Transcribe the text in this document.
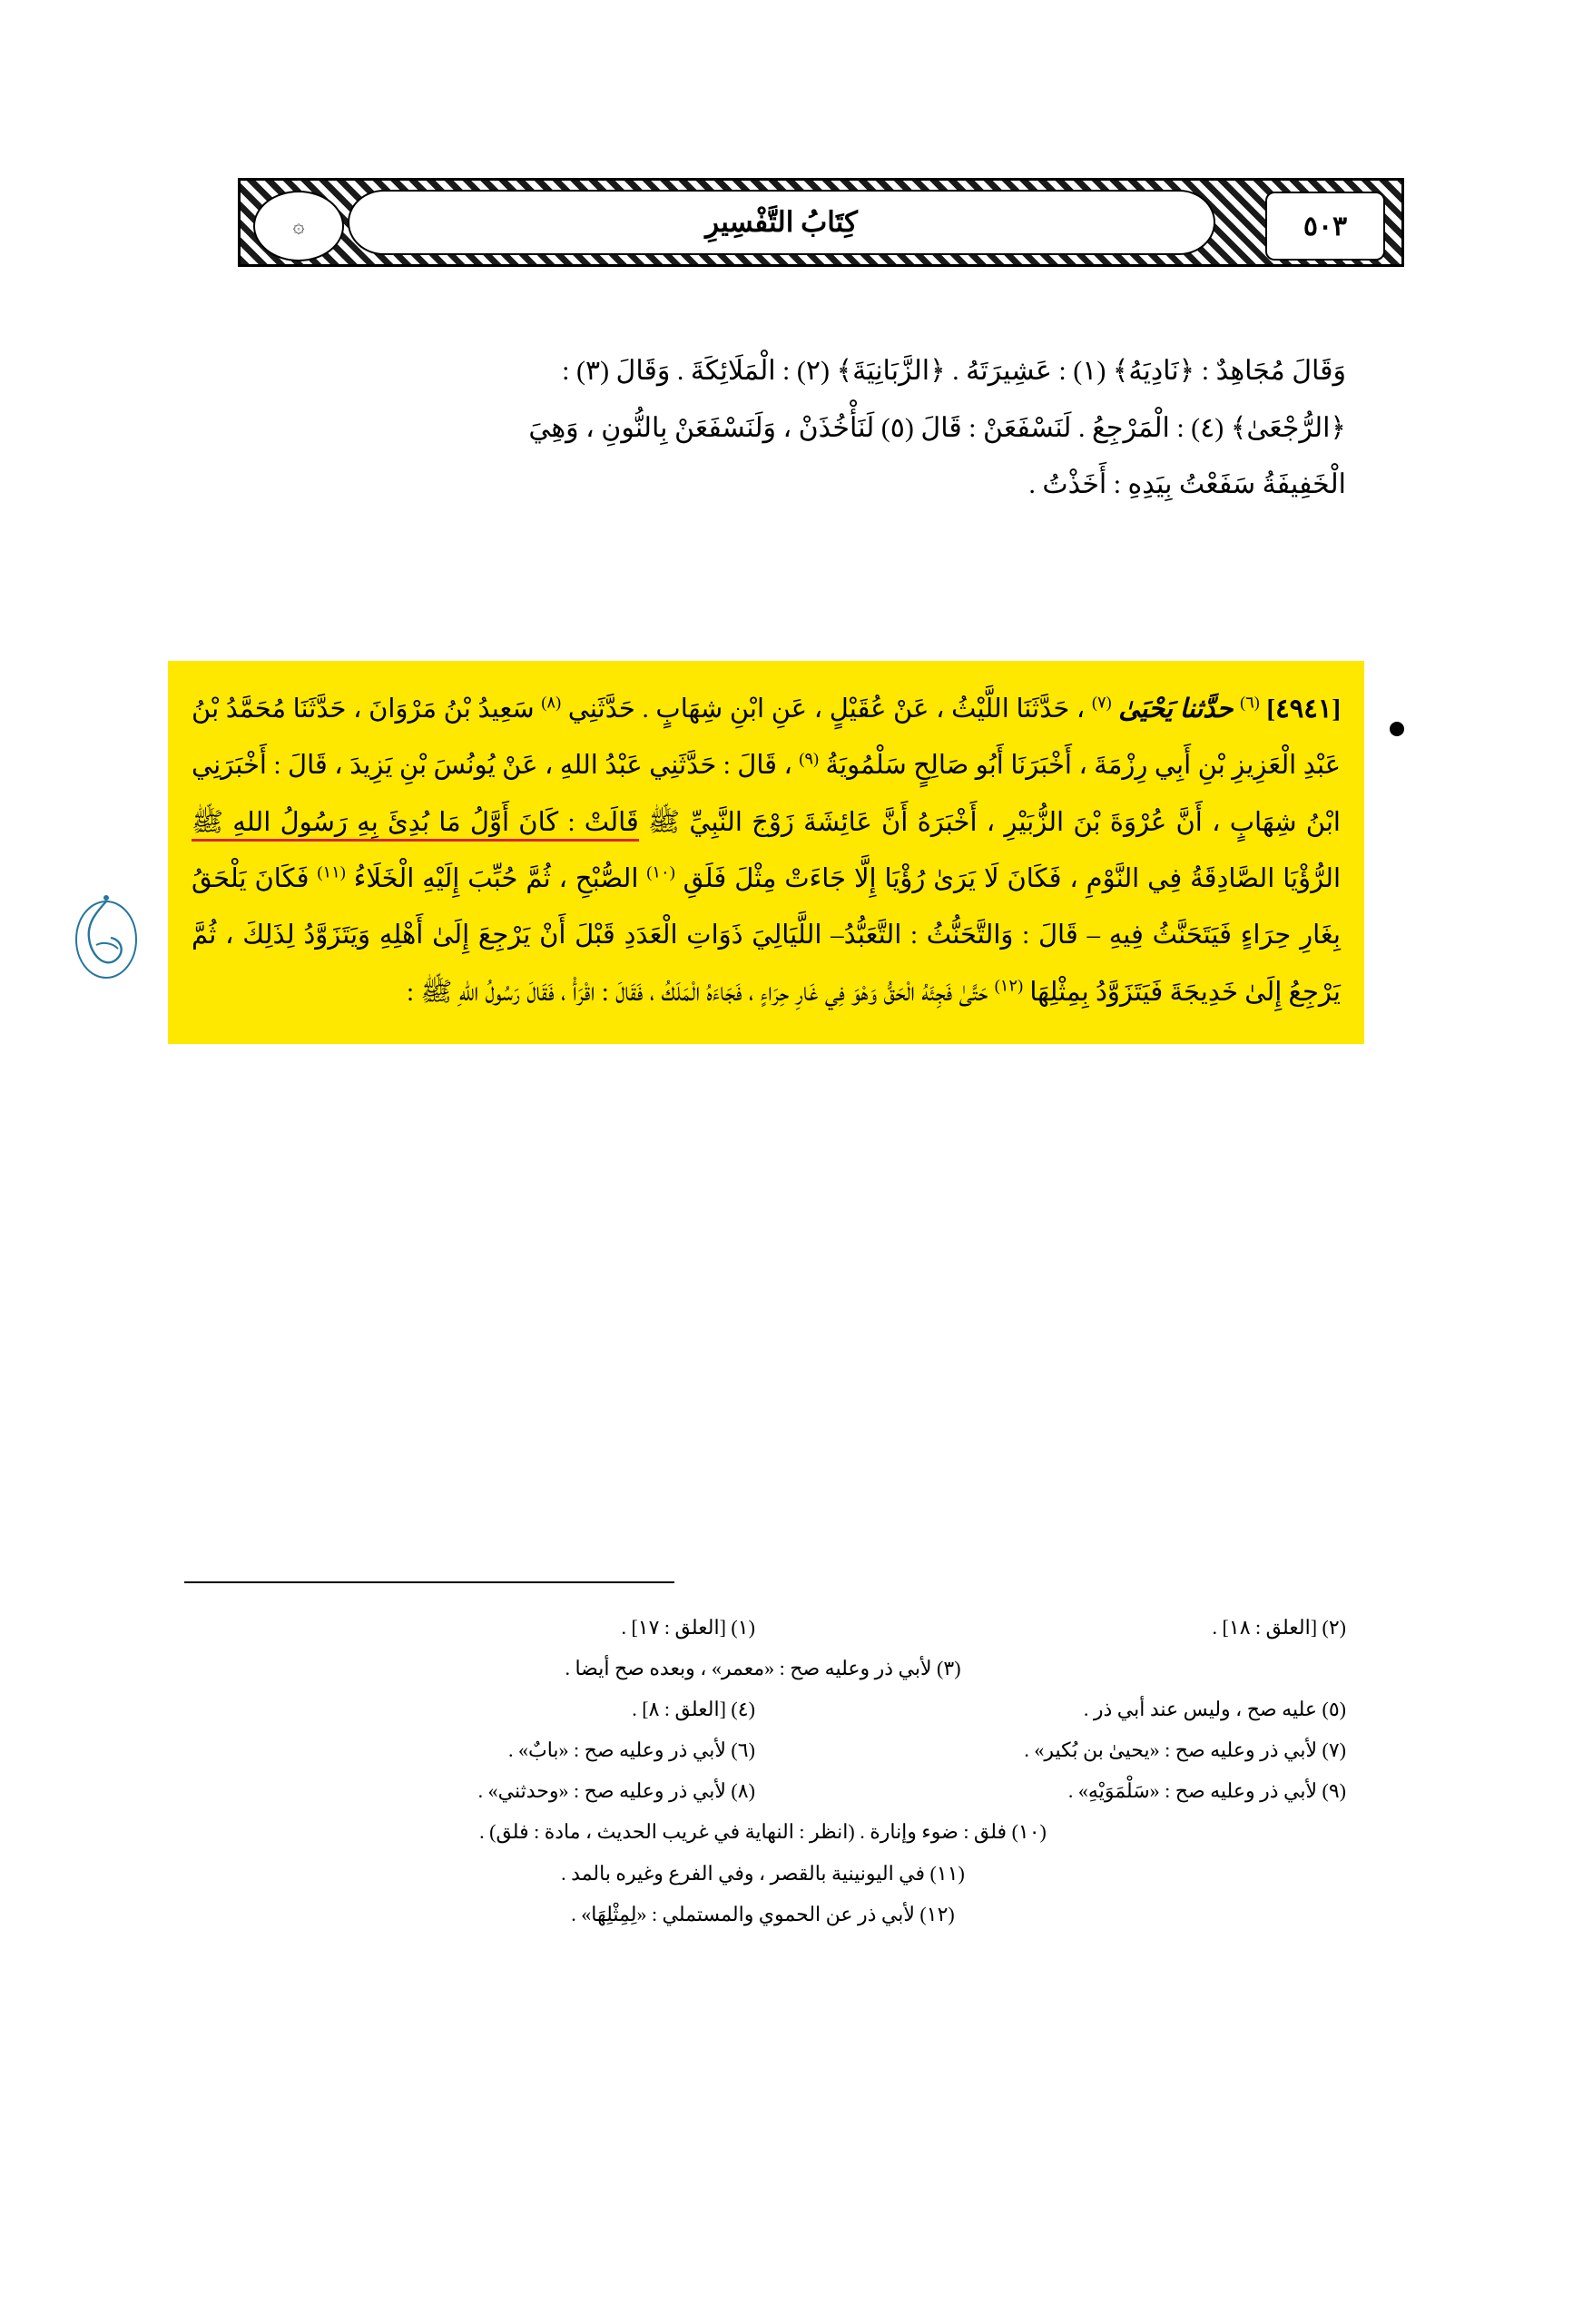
۞	كِتَابُ التَّفْسِيرِ	٥٠٣

وَقَالَ مُجَاهِدٌ : ﴿نَادِيَهُ﴾ (١) : عَشِيرَتَهُ . ﴿الزَّبَانِيَةَ﴾ (٢) : الْمَلَائِكَةَ . وَقَالَ (٣) :

﴿الرُّجْعَىٰ﴾ (٤) : الْمَرْجِعُ . لَنَسْفَعَنْ : قَالَ (٥) لَنَأْخُذَنْ ، وَلَنَسْفَعَنْ بِالنُّونِ ، وَهِيَ

الْخَفِيفَةُ سَفَعْتُ بِيَدِهِ : أَخَذْتُ .

[٤٩٤١] $^{(٦)}$ حدَّثنا يَحْيَىٰ $^{(٧)}$ ، حَدَّثَنَا اللَّيْثُ ، عَنْ عُقَيْلٍ ، عَنِ ابْنِ شِهَابٍ . حَدَّثَنِي $^{(٨)}$ سَعِيدُ بْنُ مَرْوَانَ ، حَدَّثَنَا مُحَمَّدُ بْنُ عَبْدِ الْعَزِيزِ بْنِ أَبِي رِزْمَةَ ، أَخْبَرَنَا أَبُو صَالِحٍ سَلْمُويَةُ $^{(٩)}$ ، قَالَ : حَدَّثَنِي عَبْدُ اللهِ ، عَنْ يُونُسَ بْنِ يَزِيدَ ، قَالَ : أَخْبَرَنِي ابْنُ شِهَابٍ ، أَنَّ عُرْوَةَ بْنَ الزُّبَيْرِ ، أَخْبَرَهُ أَنَّ عَائِشَةَ زَوْجَ النَّبِيِّ ﷺ قَالَتْ : كَانَ أَوَّلُ مَا بُدِئَ بِهِ رَسُولُ اللهِ ﷺ الرُّؤْيَا الصَّادِقَةُ فِي النَّوْمِ ، فَكَانَ لَا يَرَىٰ رُؤْيَا إِلَّا جَاءَتْ مِثْلَ فَلَقِ $^{(١٠)}$ الصُّبْحِ ، ثُمَّ حُبِّبَ إِلَيْهِ الْخَلَاءُ $^{(١١)}$ فَكَانَ يَلْحَقُ بِغَارِ حِرَاءٍ فَيَتَحَنَّثُ فِيهِ – قَالَ : وَالتَّحَنُّثُ : التَّعَبُّدُ– اللَّيَالِيَ ذَوَاتِ الْعَدَدِ قَبْلَ أَنْ يَرْجِعَ إِلَىٰ أَهْلِهِ وَيَتَزَوَّدُ لِذَلِكَ ، ثُمَّ يَرْجِعُ إِلَىٰ خَدِيجَةَ فَيَتَزَوَّدُ بِمِثْلِهَا $^{(١٢)}$ حَتَّىٰ فَجِئَهُ الْحَقُّ وَهْوَ فِي غَارِ حِرَاءٍ ، فَجَاءَهُ الْمَلَكُ ، فَقَالَ : اقْرَأْ ، فَقَالَ رَسُولُ اللهِ ﷺ :

(٢) [العلق : ١٨] .
(١) [العلق : ١٧] .
(٣) لأبي ذر وعليه صح : «معمر» ، وبعده صح أيضا .
(٥) عليه صح ، وليس عند أبي ذر .
(٤) [العلق : ٨] .
(٧) لأبي ذر وعليه صح : «يحيىٰ بن بُكير» .
(٦) لأبي ذر وعليه صح : «بابٌ» .
(٩) لأبي ذر وعليه صح : «سَلْمَوَيْهِ» .
(٨) لأبي ذر وعليه صح : «وحدثني» .
(١٠) فلق : ضوء وإنارة . (انظر : النهاية في غريب الحديث ، مادة : فلق) .
(١١) في اليونينية بالقصر ، وفي الفرع وغيره بالمد .
(١٢) لأبي ذر عن الحموي والمستملي : «لِمِثْلِهَا» .
